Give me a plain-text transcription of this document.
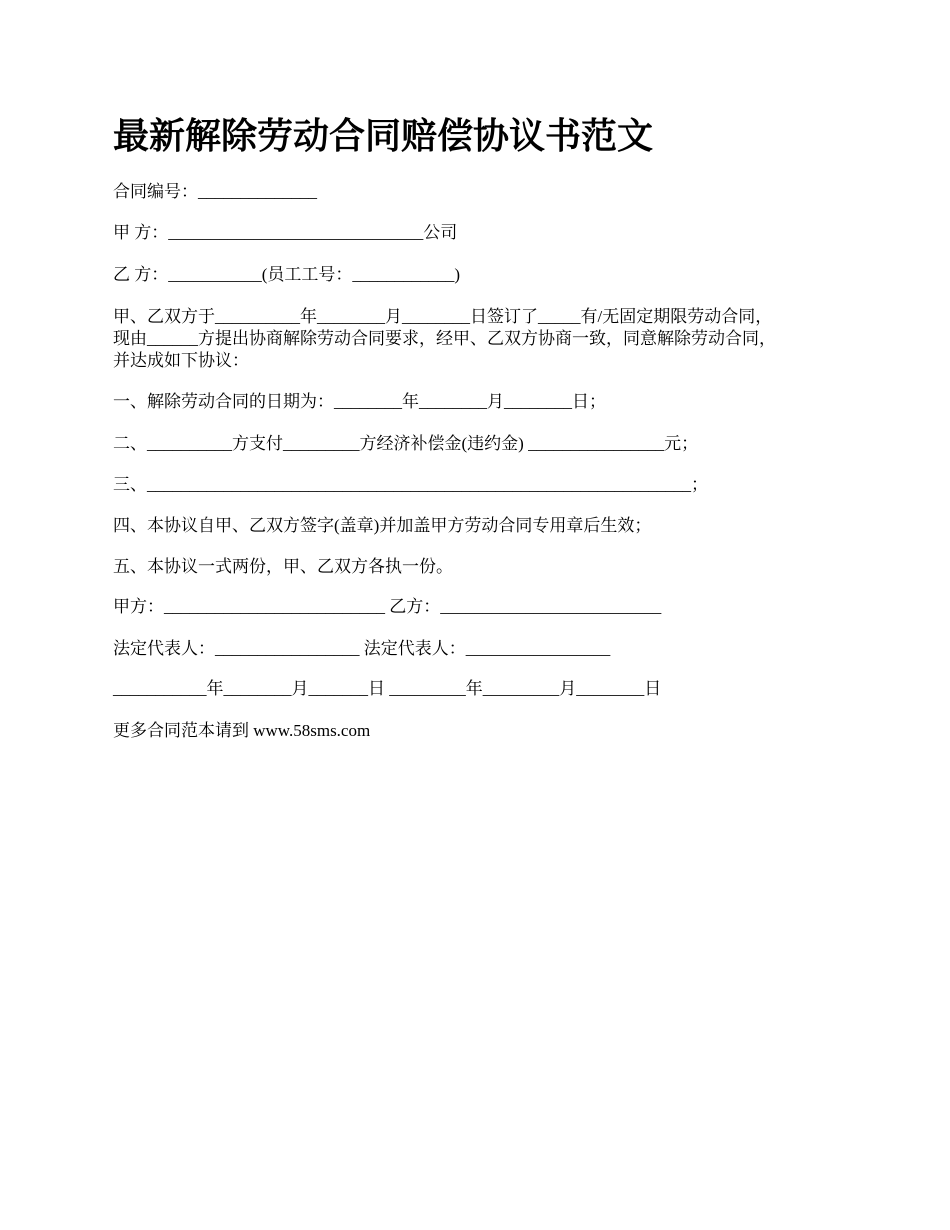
最新解除劳动合同赔偿协议书范文
合同编号：______________
甲 方：______________________________公司
乙 方：___________(员工工号：____________)
甲、乙双方于__________年________月________日签订了_____有/无固定期限劳动合同，
现由______方提出协商解除劳动合同要求，经甲、乙双方协商一致，同意解除劳动合同，
并达成如下协议：
一、解除劳动合同的日期为：________年________月________日；
二、__________方支付_________方经济补偿金(违约金) ________________元；
三、________________________________________________________________；
四、本协议自甲、乙双方签字(盖章)并加盖甲方劳动合同专用章后生效；
五、本协议一式两份，甲、乙双方各执一份。
甲方：__________________________ 乙方：__________________________
法定代表人：_________________ 法定代表人：_________________
___________年________月_______日 _________年_________月________日
更多合同范本请到 www.58sms.com
